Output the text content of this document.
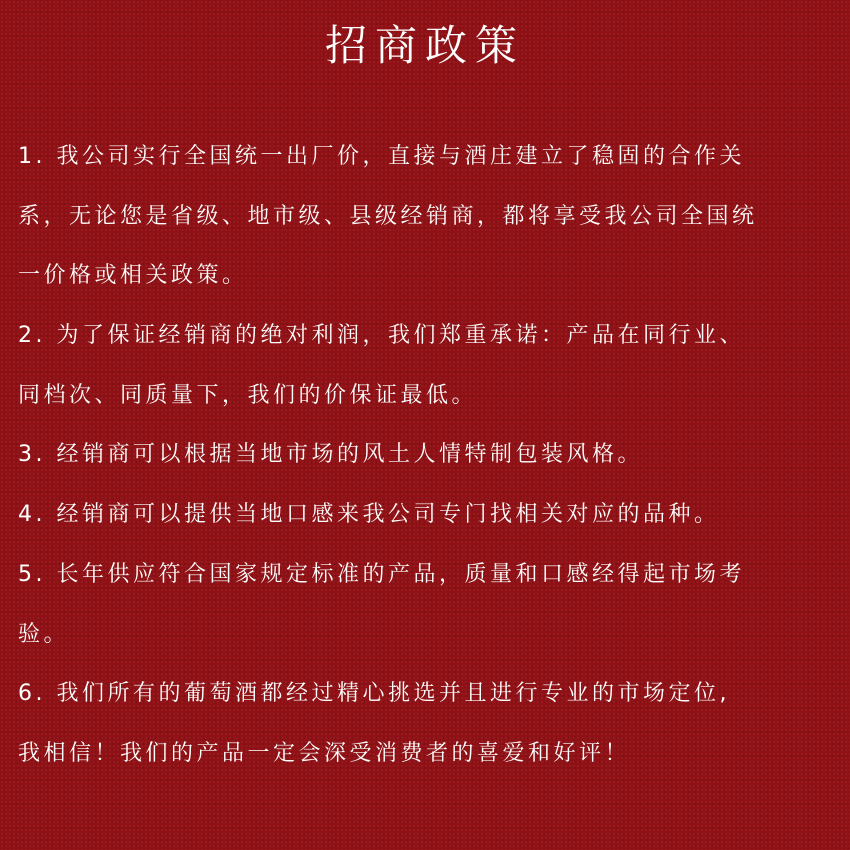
招商政策
1. 我公司实行全国统一出厂价，直接与酒庄建立了稳固的合作关
系，无论您是省级、地市级、县级经销商，都将享受我公司全国统
一价格或相关政策。
2. 为了保证经销商的绝对利润，我们郑重承诺：产品在同行业、
同档次、同质量下，我们的价保证最低。
3. 经销商可以根据当地市场的风土人情特制包装风格。
4. 经销商可以提供当地口感来我公司专门找相关对应的品种。
5. 长年供应符合国家规定标准的产品，质量和口感经得起市场考
验。
6. 我们所有的葡萄酒都经过精心挑选并且进行专业的市场定位,
我相信！我们的产品一定会深受消费者的喜爱和好评！
